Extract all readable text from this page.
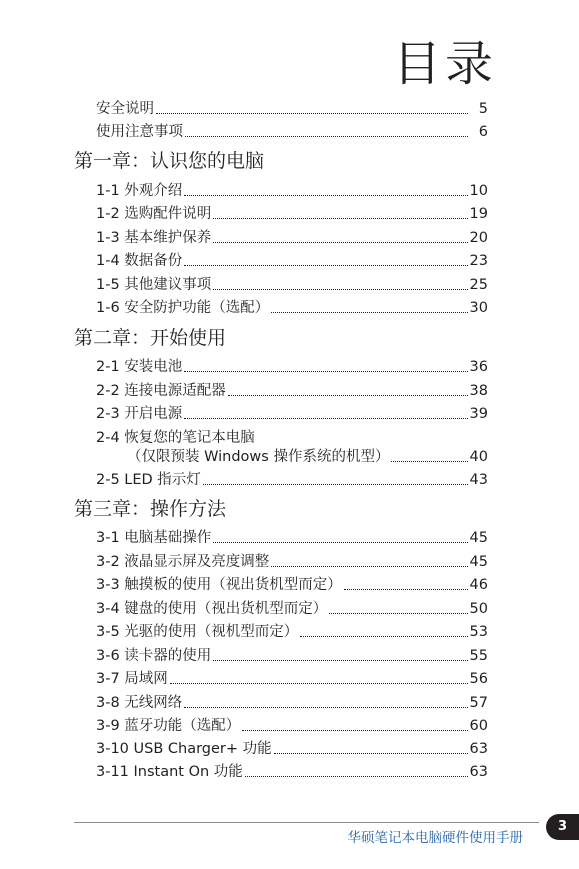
目录
安全说明	5
使用注意事项	6
第一章：认识您的电脑
1-1 外观介绍	10
1-2 选购配件说明	19
1-3 基本维护保养	20
1-4 数据备份	23
1-5 其他建议事项	25
1-6 安全防护功能（选配）	30
第二章：开始使用
2-1 安装电池	36
2-2 连接电源适配器	38
2-3 开启电源	39
2-4 恢复您的笔记本电脑
（仅限预装 Windows 操作系统的机型）	40
2-5 LED 指示灯	43
第三章：操作方法
3-1 电脑基础操作	45
3-2 液晶显示屏及亮度调整	45
3-3 触摸板的使用（视出货机型而定）	46
3-4 键盘的使用（视出货机型而定）	50
3-5 光驱的使用（视机型而定）	53
3-6 读卡器的使用	55
3-7 局域网	56
3-8 无线网络	57
3-9 蓝牙功能（选配）	60
3-10 USB Charger+ 功能	63
3-11 Instant On 功能	63
华硕笔记本电脑硬件使用手册
3
